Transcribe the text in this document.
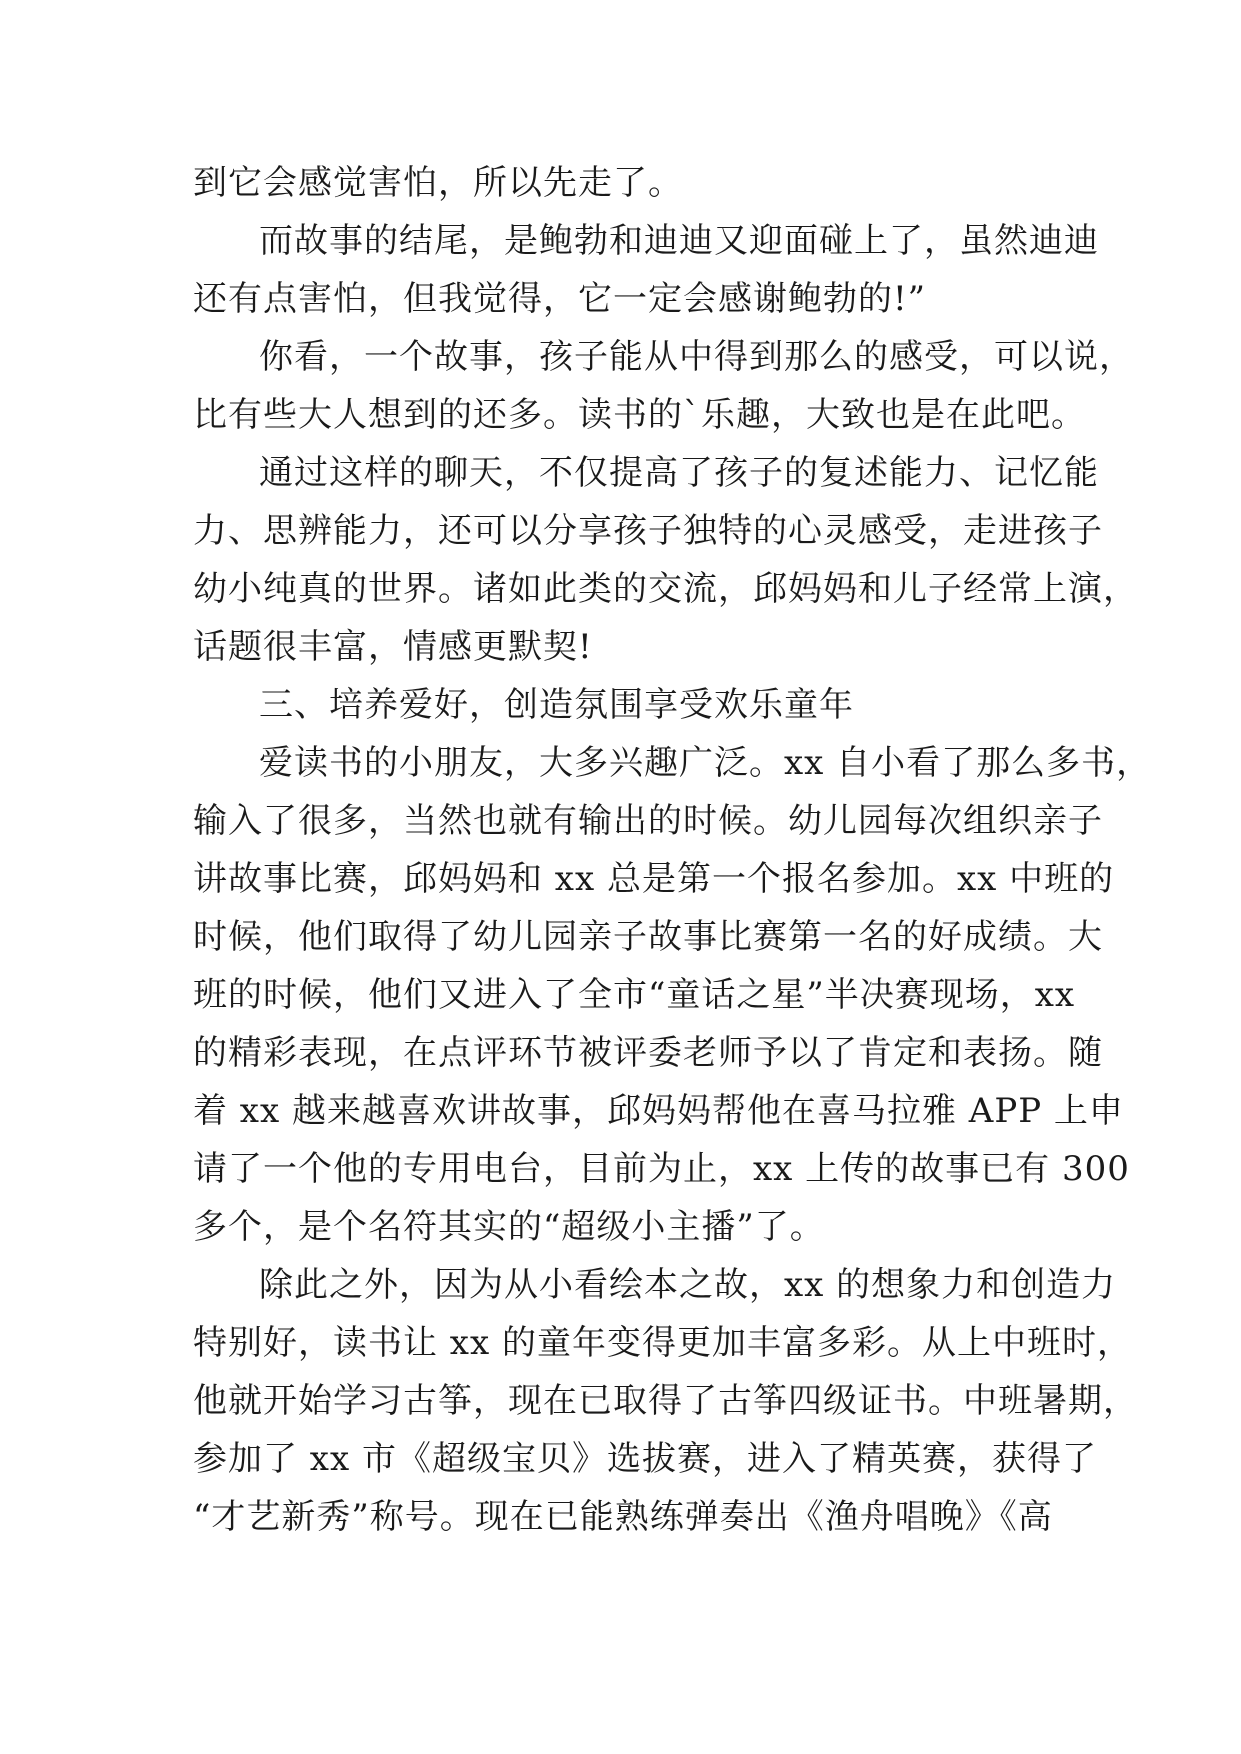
到它会感觉害怕，所以先走了。
而故事的结尾，是鲍勃和迪迪又迎面碰上了，虽然迪迪
还有点害怕，但我觉得，它一定会感谢鲍勃的!”
你看，一个故事，孩子能从中得到那么的感受，可以说，
比有些大人想到的还多。读书的`乐趣，大致也是在此吧。
通过这样的聊天，不仅提高了孩子的复述能力、记忆能
力、思辨能力，还可以分享孩子独特的心灵感受，走进孩子
幼小纯真的世界。诸如此类的交流，邱妈妈和儿子经常上演，
话题很丰富，情感更默契!
三、培养爱好，创造氛围享受欢乐童年
爱读书的小朋友，大多兴趣广泛。xx 自小看了那么多书，
输入了很多，当然也就有输出的时候。幼儿园每次组织亲子
讲故事比赛，邱妈妈和 xx 总是第一个报名参加。xx 中班的
时候，他们取得了幼儿园亲子故事比赛第一名的好成绩。大
班的时候，他们又进入了全市“童话之星”半决赛现场，xx
的精彩表现，在点评环节被评委老师予以了肯定和表扬。随
着 xx 越来越喜欢讲故事，邱妈妈帮他在喜马拉雅 APP 上申
请了一个他的专用电台，目前为止，xx 上传的故事已有 300
多个，是个名符其实的“超级小主播”了。
除此之外，因为从小看绘本之故，xx 的想象力和创造力
特别好，读书让 xx 的童年变得更加丰富多彩。从上中班时，
他就开始学习古筝，现在已取得了古筝四级证书。中班暑期，
参加了 xx 市《超级宝贝》选拔赛，进入了精英赛，获得了
“才艺新秀”称号。现在已能熟练弹奏出《渔舟唱晚》《高
